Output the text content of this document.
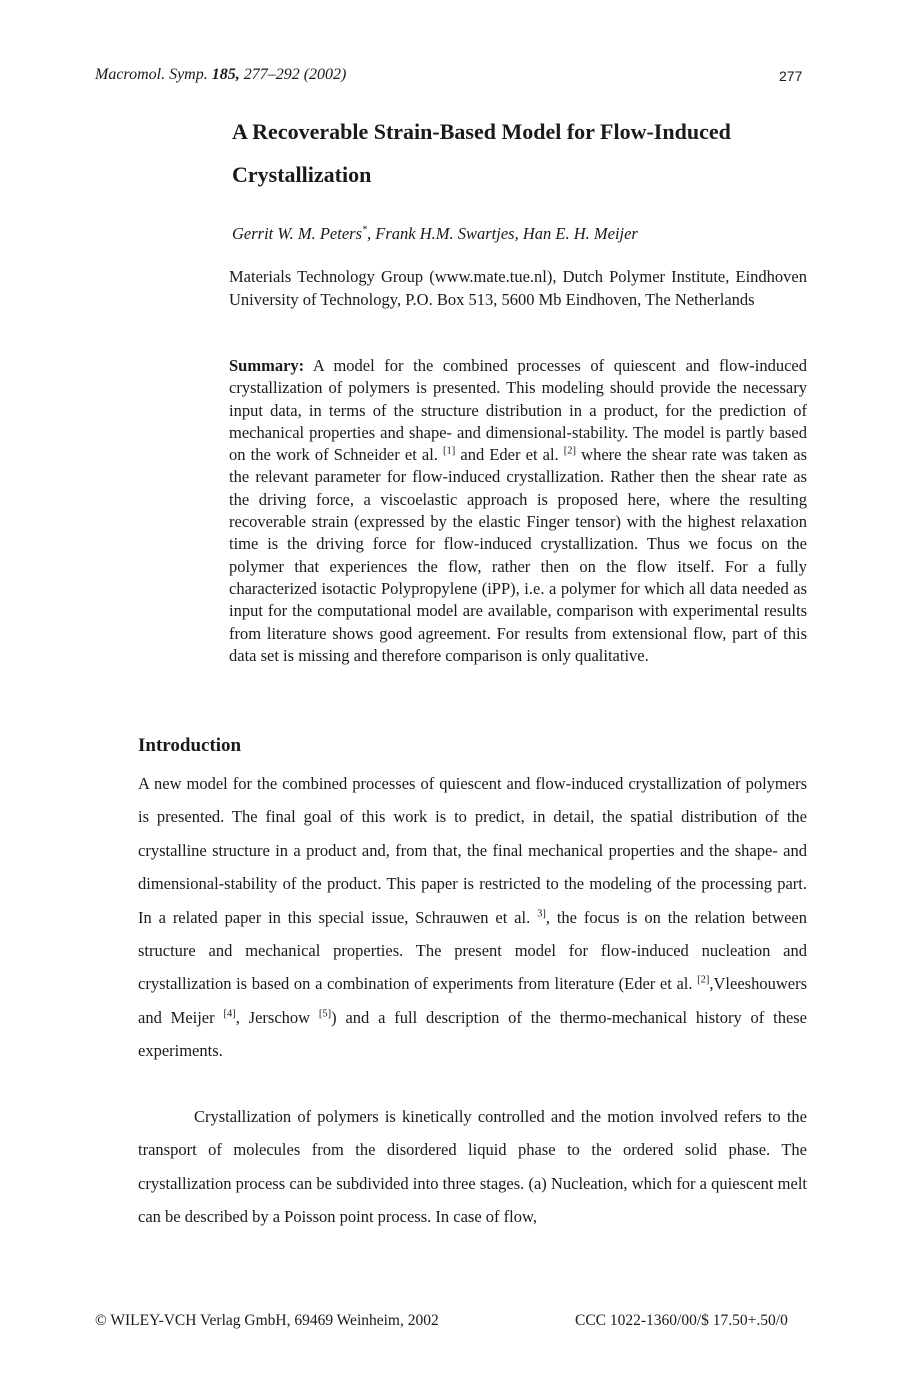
Macromol. Symp. 185, 277–292 (2002)	277
A Recoverable Strain-Based Model for Flow-Induced Crystallization
Gerrit W. M. Peters*, Frank H.M. Swartjes, Han E. H. Meijer
Materials Technology Group (www.mate.tue.nl), Dutch Polymer Institute, Eindhoven University of Technology, P.O. Box 513, 5600 Mb Eindhoven, The Netherlands
Summary: A model for the combined processes of quiescent and flow-induced crystallization of polymers is presented. This modeling should provide the necessary input data, in terms of the structure distribution in a product, for the prediction of mechanical properties and shape- and dimensional-stability. The model is partly based on the work of Schneider et al. [1] and Eder et al. [2] where the shear rate was taken as the relevant parameter for flow-induced crystallization. Rather then the shear rate as the driving force, a viscoelastic approach is proposed here, where the resulting recoverable strain (expressed by the elastic Finger tensor) with the highest relaxation time is the driving force for flow-induced crystallization. Thus we focus on the polymer that experiences the flow, rather then on the flow itself. For a fully characterized isotactic Polypropylene (iPP), i.e. a polymer for which all data needed as input for the computational model are available, comparison with experimental results from literature shows good agreement. For results from extensional flow, part of this data set is missing and therefore comparison is only qualitative.
Introduction
A new model for the combined processes of quiescent and flow-induced crystallization of polymers is presented. The final goal of this work is to predict, in detail, the spatial distribution of the crystalline structure in a product and, from that, the final mechanical properties and the shape- and dimensional-stability of the product. This paper is restricted to the modeling of the processing part. In a related paper in this special issue, Schrauwen et al. $^{3]}$, the focus is on the relation between structure and mechanical properties. The present model for flow-induced nucleation and crystallization is based on a combination of experiments from literature (Eder et al. [2],Vleeshouwers and Meijer [4], Jerschow [5]) and a full description of the thermo-mechanical history of these experiments.
Crystallization of polymers is kinetically controlled and the motion involved refers to the transport of molecules from the disordered liquid phase to the ordered solid phase. The crystallization process can be subdivided into three stages. (a) Nucleation, which for a quiescent melt can be described by a Poisson point process. In case of flow,
© WILEY-VCH Verlag GmbH, 69469 Weinheim, 2002	CCC 1022-1360/00/$ 17.50+.50/0
